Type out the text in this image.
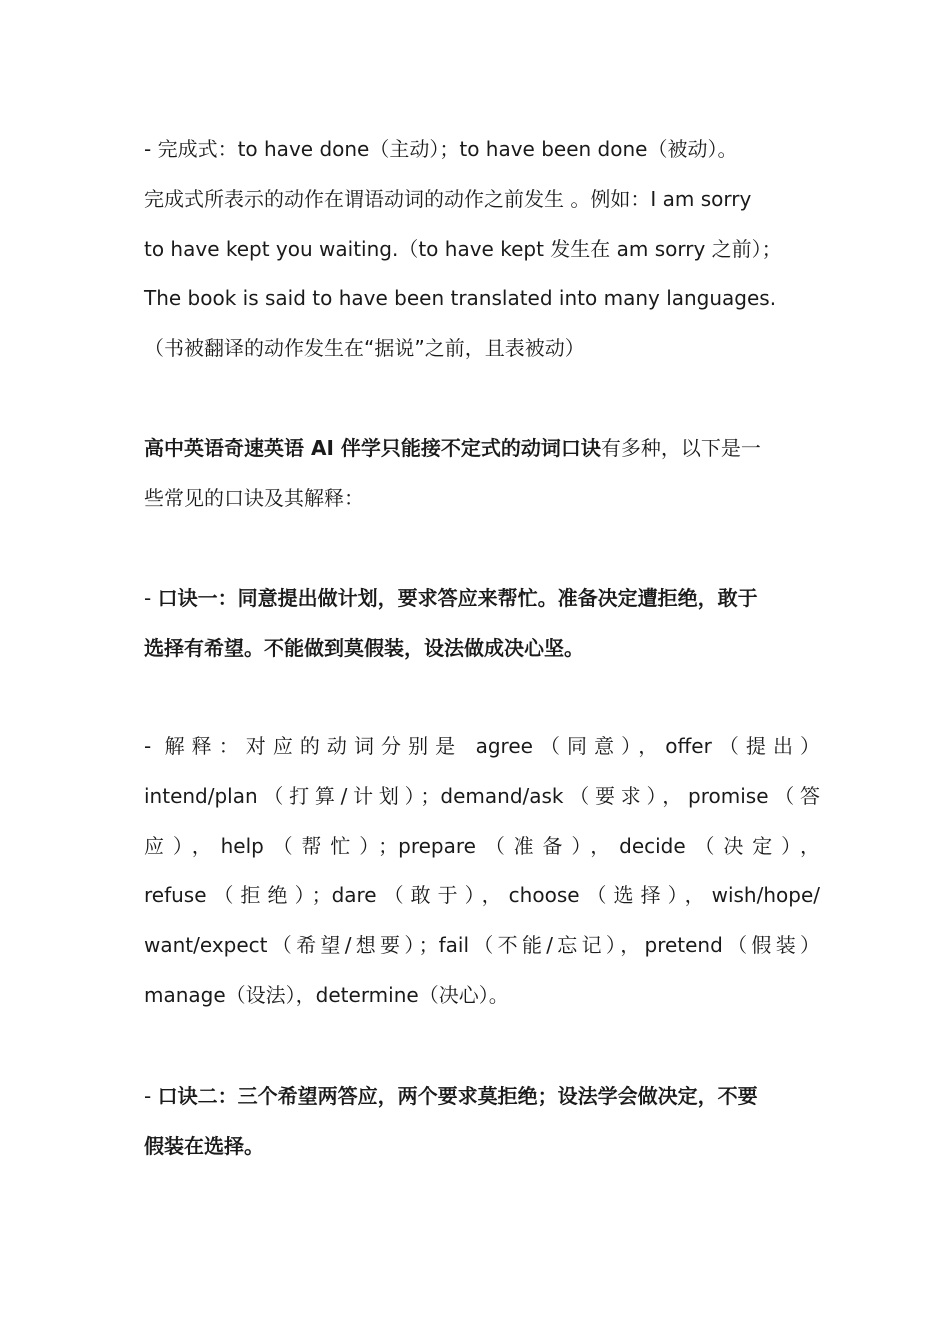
- 完成式：to have done（主动）；to have been done（被动）。
完成式所表示的动作在谓语动词的动作之前发生 。例如：I am sorry
to have kept you waiting.（to have kept 发生在 am sorry 之前）；
The book is said to have been translated into many languages.
（书被翻译的动作发生在“据说”之前，且表被动）
高中英语奇速英语 AI 伴学只能接不定式的动词口诀有多种，以下是一
些常见的口诀及其解释：
- 口诀一：同意提出做计划，要求答应来帮忙。准备决定遭拒绝，敢于
选择有希望。不能做到莫假装，设法做成决心坚。
- 解释：对应的动词分别是 agree（同意），offer（提出）
intend/plan（打算/计划）；demand/ask（要求），promise（答
应），help（帮忙）；prepare（准备），decide（决定），
refuse（拒绝）；dare（敢于），choose（选择），wish/hope/
want/expect（希望/想要）；fail（不能/忘记），pretend（假装）
manage（设法），determine（决心）。
- 口诀二：三个希望两答应，两个要求莫拒绝；设法学会做决定，不要
假装在选择。
